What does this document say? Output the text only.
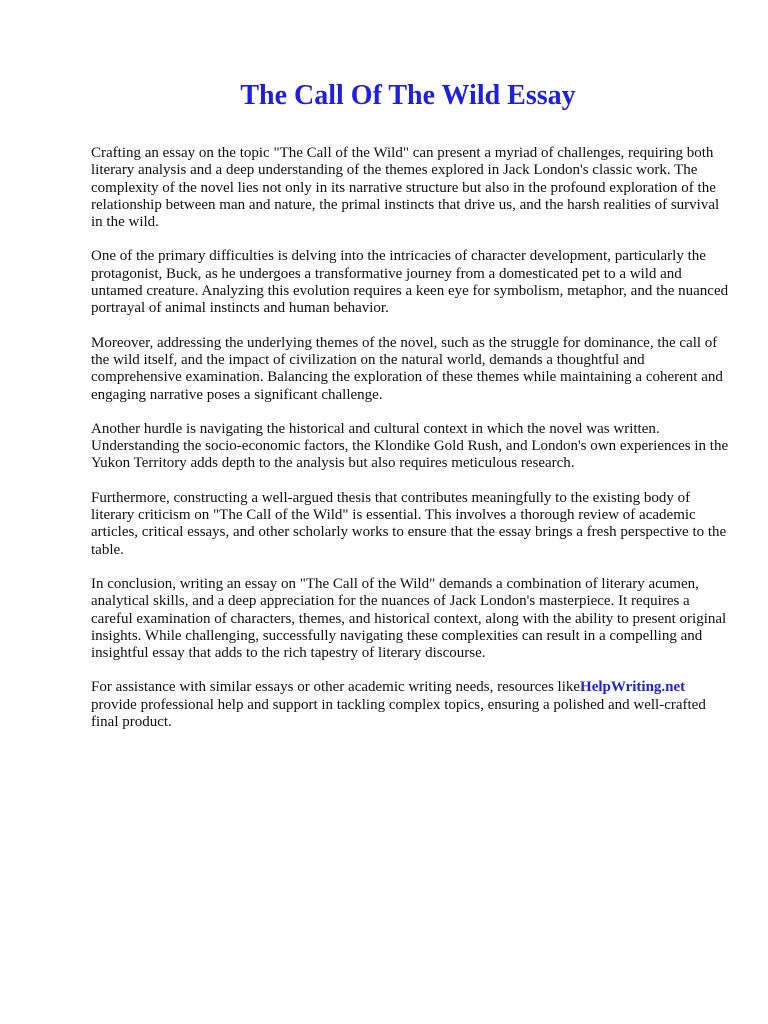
The Call Of The Wild Essay

Crafting an essay on the topic "The Call of the Wild" can present a myriad of challenges, requiring both literary analysis and a deep understanding of the themes explored in Jack London's classic work. The complexity of the novel lies not only in its narrative structure but also in the profound exploration of the relationship between man and nature, the primal instincts that drive us, and the harsh realities of survival in the wild.

One of the primary difficulties is delving into the intricacies of character development, particularly the protagonist, Buck, as he undergoes a transformative journey from a domesticated pet to a wild and untamed creature. Analyzing this evolution requires a keen eye for symbolism, metaphor, and the nuanced portrayal of animal instincts and human behavior.

Moreover, addressing the underlying themes of the novel, such as the struggle for dominance, the call of the wild itself, and the impact of civilization on the natural world, demands a thoughtful and comprehensive examination. Balancing the exploration of these themes while maintaining a coherent and engaging narrative poses a significant challenge.

Another hurdle is navigating the historical and cultural context in which the novel was written. Understanding the socio-economic factors, the Klondike Gold Rush, and London's own experiences in the Yukon Territory adds depth to the analysis but also requires meticulous research.

Furthermore, constructing a well-argued thesis that contributes meaningfully to the existing body of literary criticism on "The Call of the Wild" is essential. This involves a thorough review of academic articles, critical essays, and other scholarly works to ensure that the essay brings a fresh perspective to the table.

In conclusion, writing an essay on "The Call of the Wild" demands a combination of literary acumen, analytical skills, and a deep appreciation for the nuances of Jack London's masterpiece. It requires a careful examination of characters, themes, and historical context, along with the ability to present original insights. While challenging, successfully navigating these complexities can result in a compelling and insightful essay that adds to the rich tapestry of literary discourse.

For assistance with similar essays or other academic writing needs, resources likeHelpWriting.net provide professional help and support in tackling complex topics, ensuring a polished and well-crafted final product.
